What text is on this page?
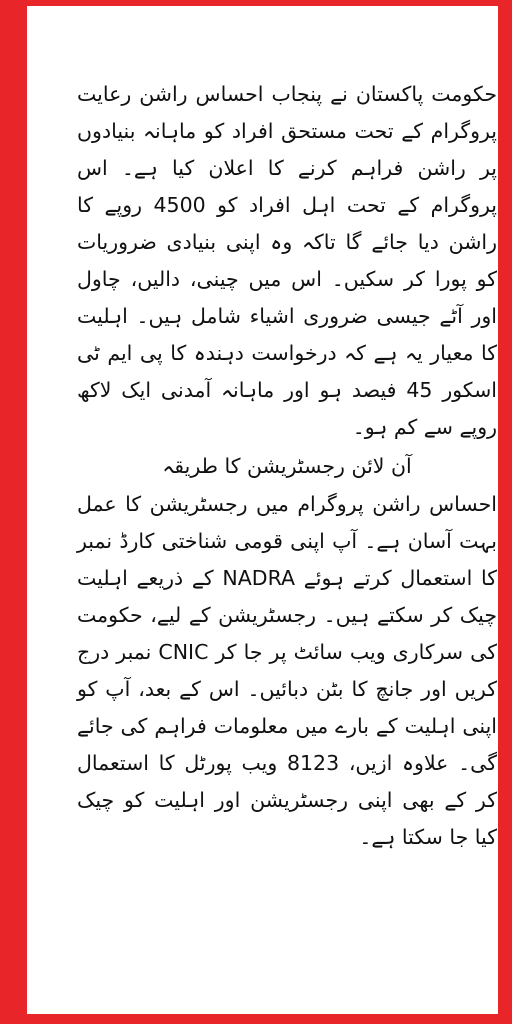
حکومت پاکستان نے پنجاب احساس راشن رعایت پروگرام کے تحت مستحق افراد کو ماہانہ بنیادوں پر راشن فراہم کرنے کا اعلان کیا ہے۔ اس پروگرام کے تحت اہل افراد کو 4500 روپے کا راشن دیا جائے گا تاکہ وہ اپنی بنیادی ضروریات کو پورا کر سکیں۔ اس میں چینی، دالیں، چاول اور آٹے جیسی ضروری اشیاء شامل ہیں۔ اہلیت کا معیار یہ ہے کہ درخواست دہندہ کا پی ایم ٹی اسکور 45 فیصد ہو اور ماہانہ آمدنی ایک لاکھ روپے سے کم ہو۔

آن لائن رجسٹریشن کا طریقہ

احساس راشن پروگرام میں رجسٹریشن کا عمل بہت آسان ہے۔ آپ اپنی قومی شناختی کارڈ نمبر کا استعمال کرتے ہوئے NADRA کے ذریعے اہلیت چیک کر سکتے ہیں۔ رجسٹریشن کے لیے، حکومت کی سرکاری ویب سائٹ پر جا کر CNIC نمبر درج کریں اور جانچ کا بٹن دبائیں۔ اس کے بعد، آپ کو اپنی اہلیت کے بارے میں معلومات فراہم کی جائے گی۔ علاوہ ازیں، 8123 ویب پورٹل کا استعمال کر کے بھی اپنی رجسٹریشن اور اہلیت کو چیک کیا جا سکتا ہے۔
